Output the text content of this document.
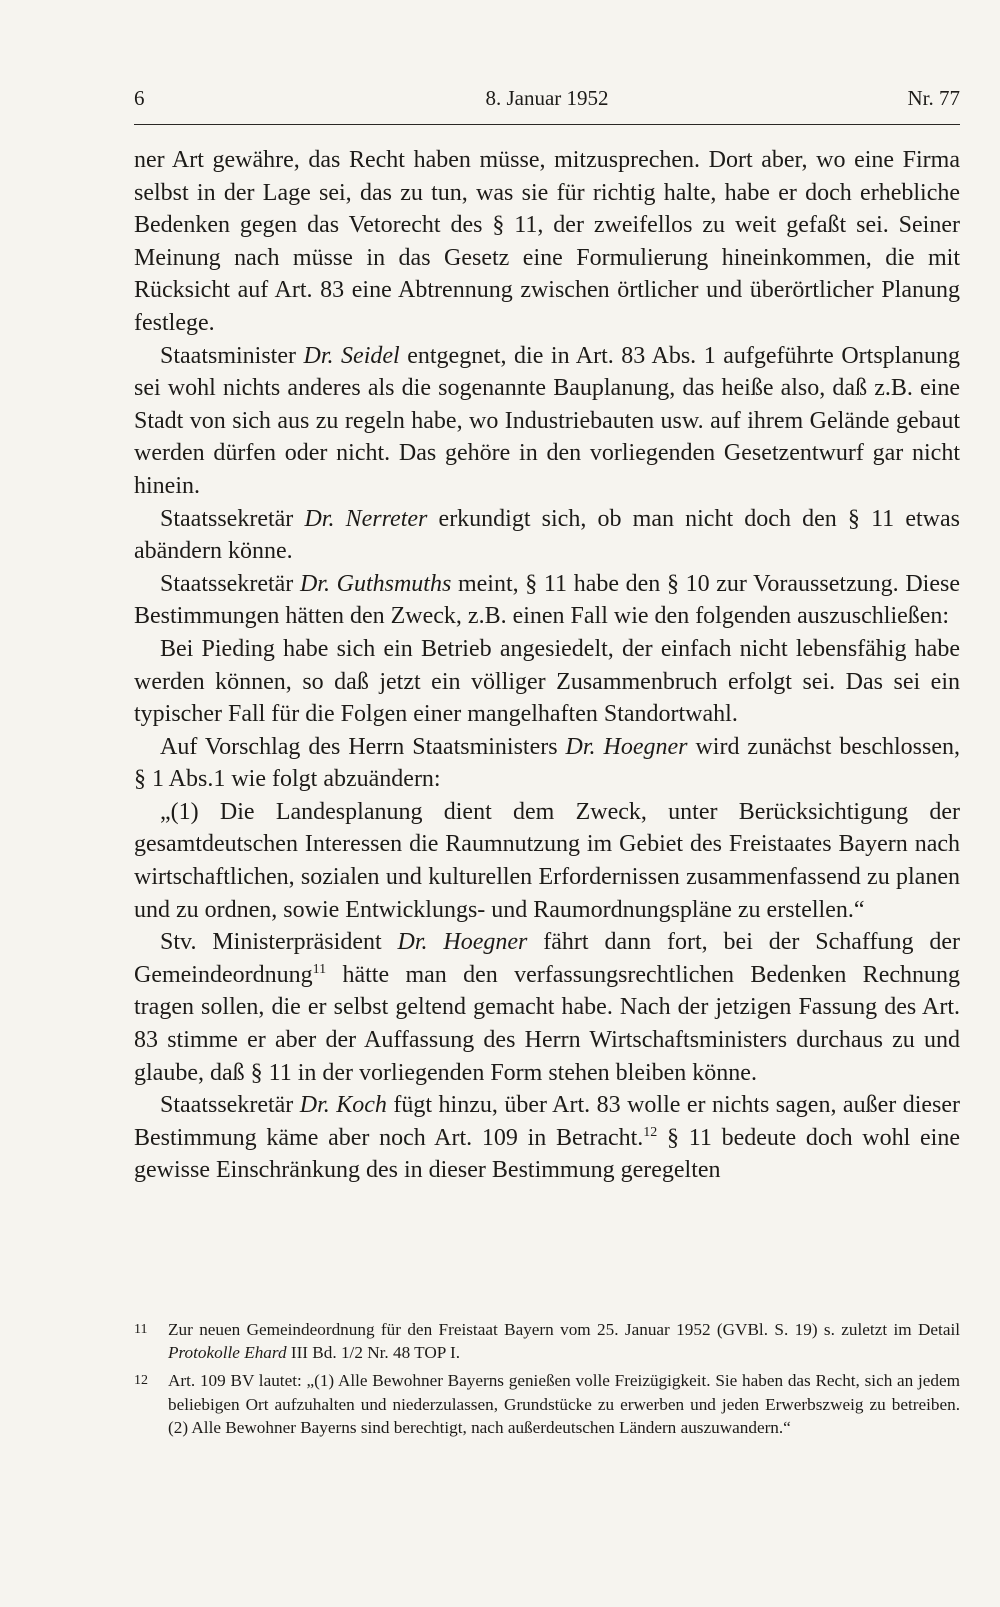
6	8. Januar 1952	Nr. 77

ner Art gewähre, das Recht haben müsse, mitzusprechen. Dort aber, wo eine Firma selbst in der Lage sei, das zu tun, was sie für richtig halte, habe er doch erhebliche Bedenken gegen das Vetorecht des § 11, der zweifellos zu weit gefaßt sei. Seiner Meinung nach müsse in das Gesetz eine Formulierung hineinkommen, die mit Rücksicht auf Art. 83 eine Abtrennung zwischen örtlicher und überörtlicher Planung festlege.

Staatsminister Dr. Seidel entgegnet, die in Art. 83 Abs. 1 aufgeführte Ortsplanung sei wohl nichts anderes als die sogenannte Bauplanung, das heiße also, daß z.B. eine Stadt von sich aus zu regeln habe, wo Industriebauten usw. auf ihrem Gelände gebaut werden dürfen oder nicht. Das gehöre in den vorliegenden Gesetzentwurf gar nicht hinein.

Staatssekretär Dr. Nerreter erkundigt sich, ob man nicht doch den § 11 etwas abändern könne.

Staatssekretär Dr. Guthsmuths meint, § 11 habe den § 10 zur Voraussetzung. Diese Bestimmungen hätten den Zweck, z.B. einen Fall wie den folgenden auszuschließen:

Bei Pieding habe sich ein Betrieb angesiedelt, der einfach nicht lebensfähig habe werden können, so daß jetzt ein völliger Zusammenbruch erfolgt sei. Das sei ein typischer Fall für die Folgen einer mangelhaften Standortwahl.

Auf Vorschlag des Herrn Staatsministers Dr. Hoegner wird zunächst beschlossen, § 1 Abs.1 wie folgt abzuändern:

„(1) Die Landesplanung dient dem Zweck, unter Berücksichtigung der gesamtdeutschen Interessen die Raumnutzung im Gebiet des Freistaates Bayern nach wirtschaftlichen, sozialen und kulturellen Erfordernissen zusammenfassend zu planen und zu ordnen, sowie Entwicklungs- und Raumordnungspläne zu erstellen.“

Stv. Ministerpräsident Dr. Hoegner fährt dann fort, bei der Schaffung der Gemeindeordnung$^{11}$ hätte man den verfassungsrechtlichen Bedenken Rechnung tragen sollen, die er selbst geltend gemacht habe. Nach der jetzigen Fassung des Art. 83 stimme er aber der Auffassung des Herrn Wirtschaftsministers durchaus zu und glaube, daß § 11 in der vorliegenden Form stehen bleiben könne.

Staatssekretär Dr. Koch fügt hinzu, über Art. 83 wolle er nichts sagen, außer dieser Bestimmung käme aber noch Art. 109 in Betracht.$^{12}$ § 11 bedeute doch wohl eine gewisse Einschränkung des in dieser Bestimmung geregelten

11 Zur neuen Gemeindeordnung für den Freistaat Bayern vom 25. Januar 1952 (GVBl. S. 19) s. zuletzt im Detail Protokolle Ehard III Bd. 1/2 Nr. 48 TOP I.

12 Art. 109 BV lautet: „(1) Alle Bewohner Bayerns genießen volle Freizügigkeit. Sie haben das Recht, sich an jedem beliebigen Ort aufzuhalten und niederzulassen, Grundstücke zu erwerben und jeden Erwerbszweig zu betreiben. (2) Alle Bewohner Bayerns sind berechtigt, nach außerdeutschen Ländern auszuwandern.“
